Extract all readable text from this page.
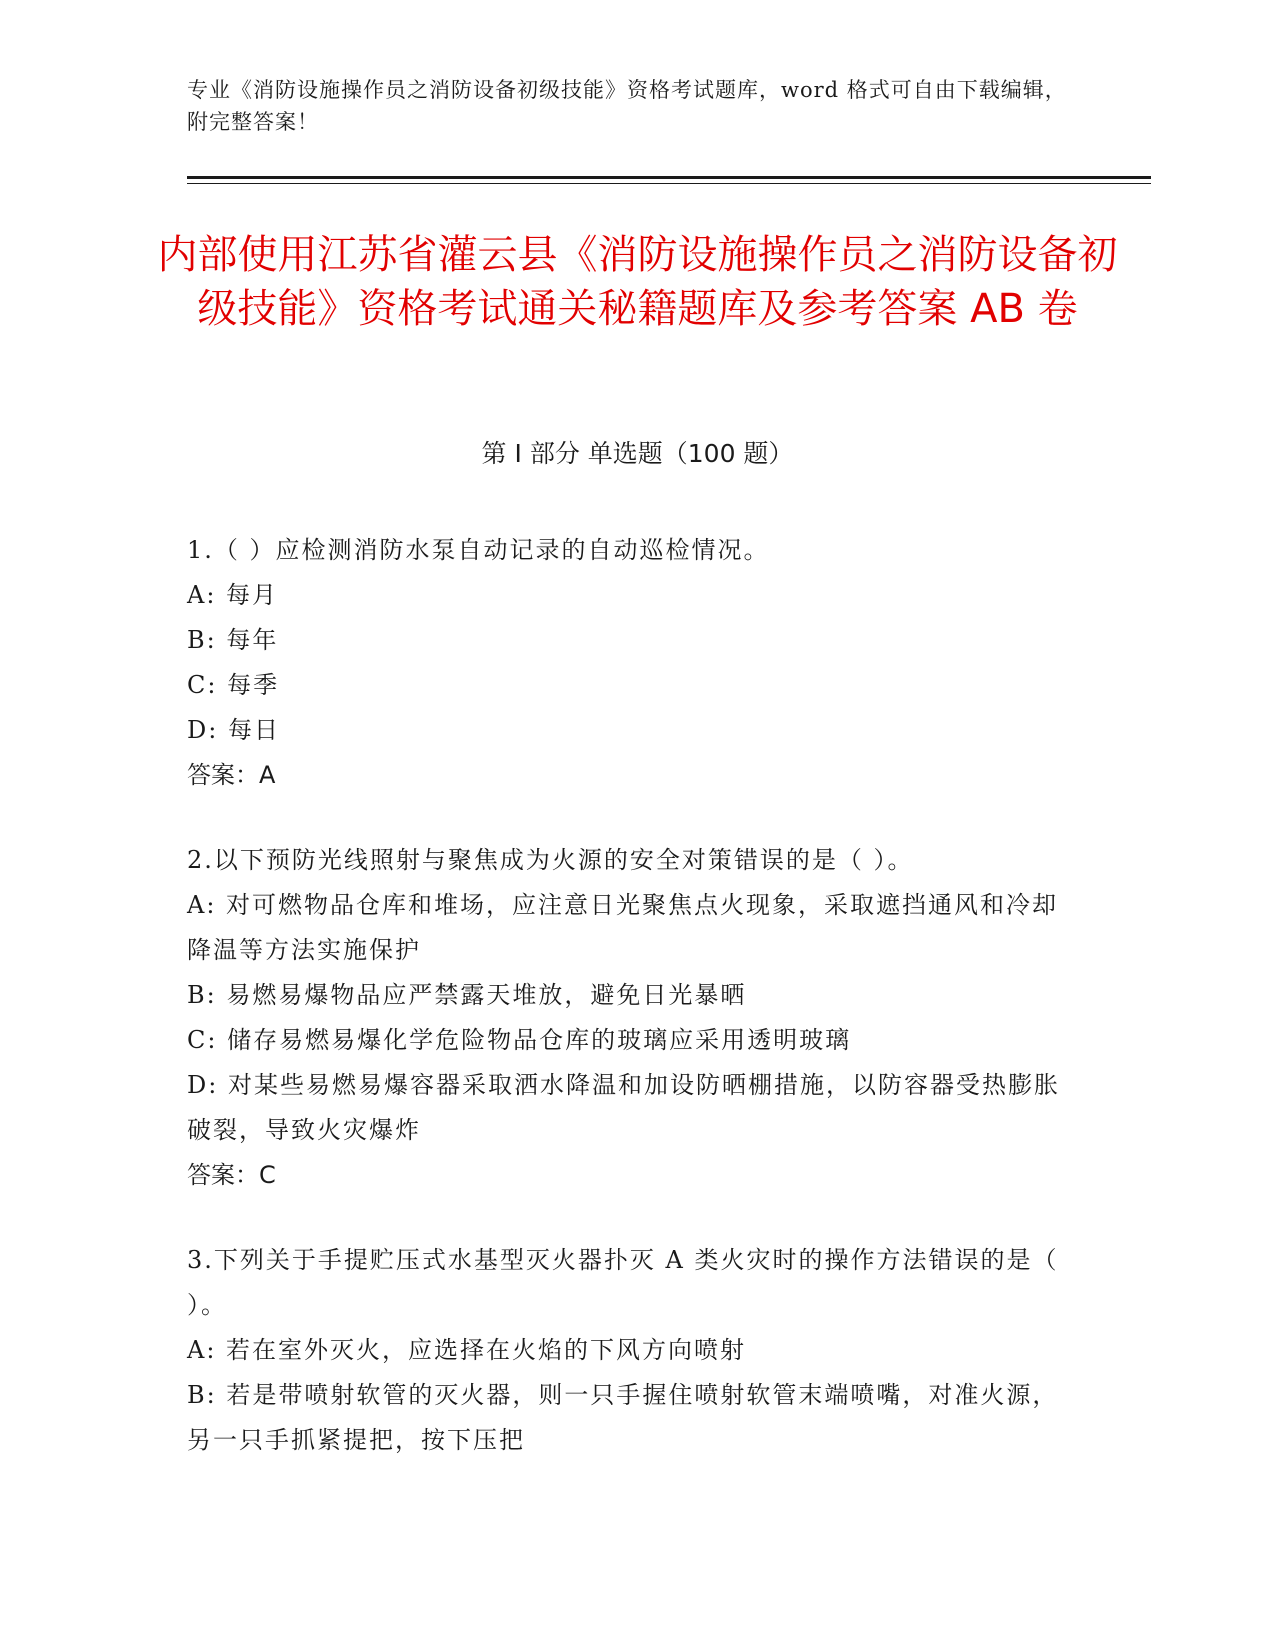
专业《消防设施操作员之消防设备初级技能》资格考试题库，word 格式可自由下载编辑，附完整答案！
内部使用江苏省灌云县《消防设施操作员之消防设备初级技能》资格考试通关秘籍题库及参考答案 AB 卷
第 I 部分 单选题（100 题）

1.（ ）应检测消防水泵自动记录的自动巡检情况。

A: 每月

B: 每年

C: 每季

D: 每日

答案：A

2.以下预防光线照射与聚焦成为火源的安全对策错误的是（ ）。

A: 对可燃物品仓库和堆场，应注意日光聚焦点火现象，采取遮挡通风和冷却降温等方法实施保护

B: 易燃易爆物品应严禁露天堆放，避免日光暴晒

C: 储存易燃易爆化学危险物品仓库的玻璃应采用透明玻璃

D: 对某些易燃易爆容器采取洒水降温和加设防晒棚措施，以防容器受热膨胀破裂，导致火灾爆炸

答案：C

3.下列关于手提贮压式水基型灭火器扑灭 A 类火灾时的操作方法错误的是（ ）。

A: 若在室外灭火，应选择在火焰的下风方向喷射

B: 若是带喷射软管的灭火器，则一只手握住喷射软管末端喷嘴，对准火源，另一只手抓紧提把，按下压把
